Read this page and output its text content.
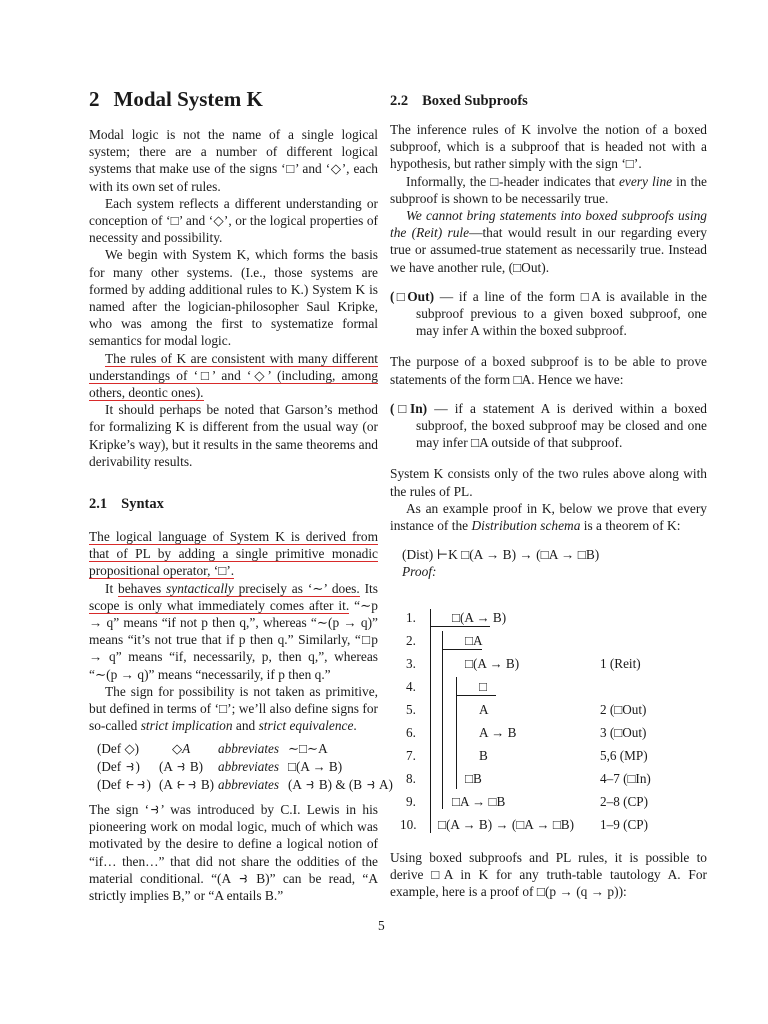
2 Modal System K

Modal logic is not the name of a single logical system; there are a number of different logical systems that make use of the signs ‘□’ and ‘◇’, each with its own set of rules.

Each system reflects a different understanding or conception of ‘□’ and ‘◇’, or the logical properties of necessity and possibility.

We begin with System K, which forms the basis for many other systems. (I.e., those systems are formed by adding additional rules to K.) System K is named after the logician-philosopher Saul Kripke, who was among the first to systematize formal semantics for modal logic.

The rules of K are consistent with many different understandings of ‘□’ and ‘◇’ (including, among others, deontic ones).

It should perhaps be noted that Garson’s method for formalizing K is different from the usual way (or Kripke’s way), but it results in the same theorems and derivability results.

2.1 Syntax

The logical language of System K is derived from that of PL by adding a single primitive monadic propositional operator, ‘□’.

It behaves syntactically precisely as ‘∼’ does. Its scope is only what immediately comes after it. “∼p → q” means “if not p then q,”, whereas “∼(p → q)” means “it’s not true that if p then q.” Similarly, “□p → q” means “if, necessarily, p, then q,”, whereas “∼(p → q)” means “necessarily, if p then q.”

The sign for possibility is not taken as primitive, but defined in terms of ‘□’; we’ll also define signs for so-called strict implication and strict equivalence.

(Def ◇)	◇A abbreviates ∼□∼A
(Def ⥽) (A ⥽ B) abbreviates □(A → B)
(Def ⥼⥽) (A ⥼⥽ B) abbreviates (A ⥽ B) & (B ⥽ A)

The sign ‘⥽’ was introduced by C.I. Lewis in his pioneering work on modal logic, much of which was motivated by the desire to define a logical notion of “if… then…” that did not share the oddities of the material conditional. “(A ⥽ B)” can be read, “A strictly implies B,” or “A entails B.”

2.2 Boxed Subproofs

The inference rules of K involve the notion of a boxed subproof, which is a subproof that is headed not with a hypothesis, but rather simply with the sign ‘□’.

Informally, the □-header indicates that every line in the subproof is shown to be necessarily true.

We cannot bring statements into boxed subproofs using the (Reit) rule—that would result in our regarding every true or assumed-true statement as necessarily true. Instead we have another rule, (□Out).

(□Out) — if a line of the form □A is available in the subproof previous to a given boxed subproof, one may infer A within the boxed subproof.

The purpose of a boxed subproof is to be able to prove statements of the form □A. Hence we have:

(□In) — if a statement A is derived within a boxed subproof, the boxed subproof may be closed and one may infer □A outside of that subproof.

System K consists only of the two rules above along with the rules of PL.

As an example proof in K, below we prove that every instance of the Distribution schema is a theorem of K:

(Dist) ⊢K □(A → B) → (□A → □B)

Proof:

1.	□(A → B)
2.	□A
3.	□(A → B)	1 (Reit)
4.	□
5.	A	2 (□Out)
6.	A → B	3 (□Out)
7.	B	5,6 (MP)
8.	□B	4–7 (□In)
9.	□A → □B	2–8 (CP)
10. □(A → B) → (□A → □B) 1–9 (CP)

Using boxed subproofs and PL rules, it is possible to derive □A in K for any truth-table tautology A. For example, here is a proof of □(p → (q → p)):

5
